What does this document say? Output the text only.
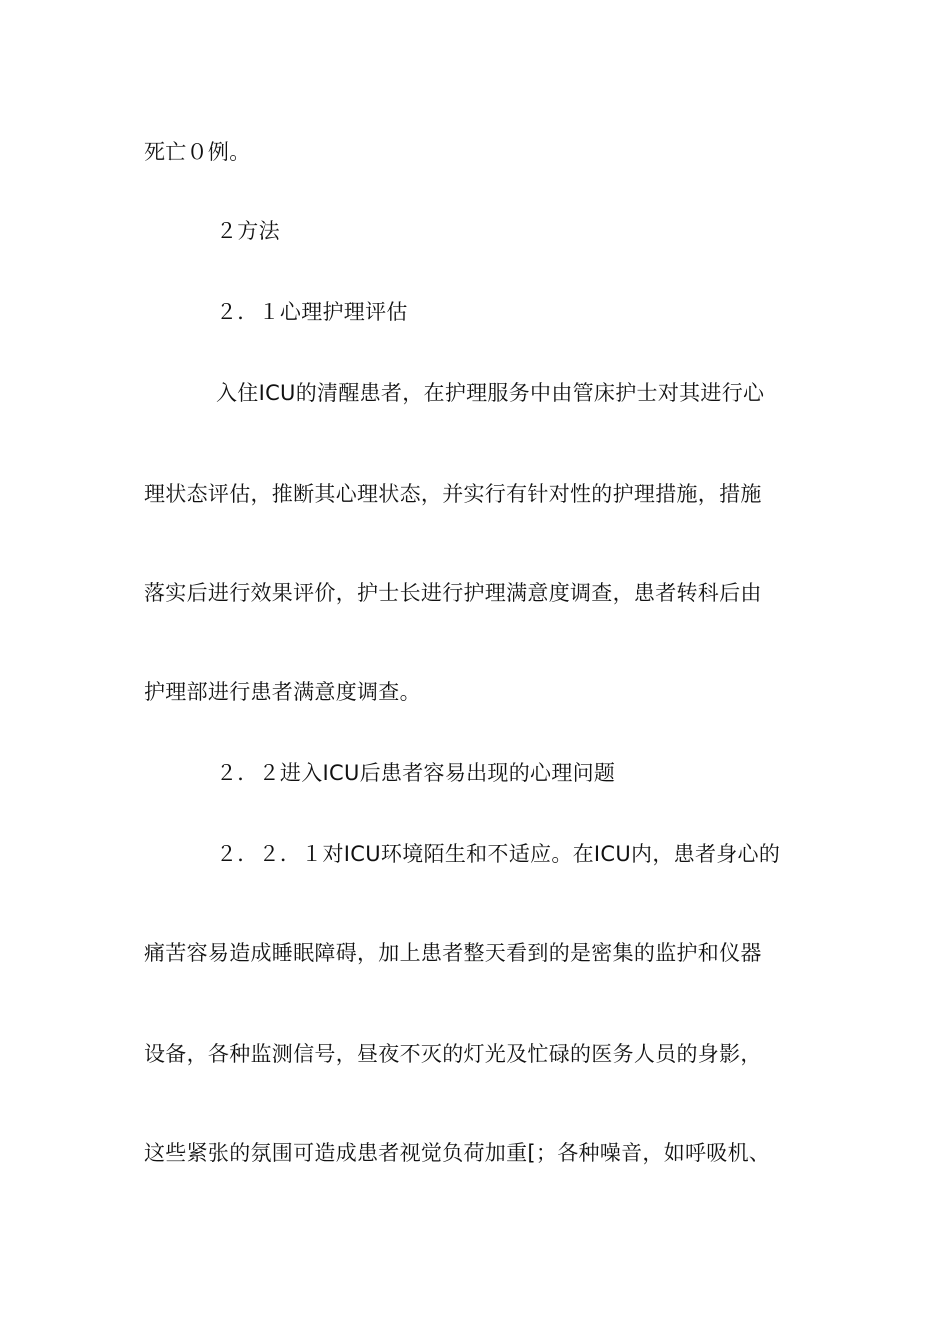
死亡０例。
２方法
２．１心理护理评估
入住ICU的清醒患者，在护理服务中由管床护士对其进行心
理状态评估，推断其心理状态，并实行有针对性的护理措施，措施
落实后进行效果评价，护士长进行护理满意度调查，患者转科后由
护理部进行患者满意度调查。
２．２进入ICU后患者容易出现的心理问题
２．２．１对ICU环境陌生和不适应。在ICU内，患者身心的
痛苦容易造成睡眠障碍，加上患者整天看到的是密集的监护和仪器
设备，各种监测信号，昼夜不灭的灯光及忙碌的医务人员的身影，
这些紧张的氛围可造成患者视觉负荷加重[；各种噪音，如呼吸机、
